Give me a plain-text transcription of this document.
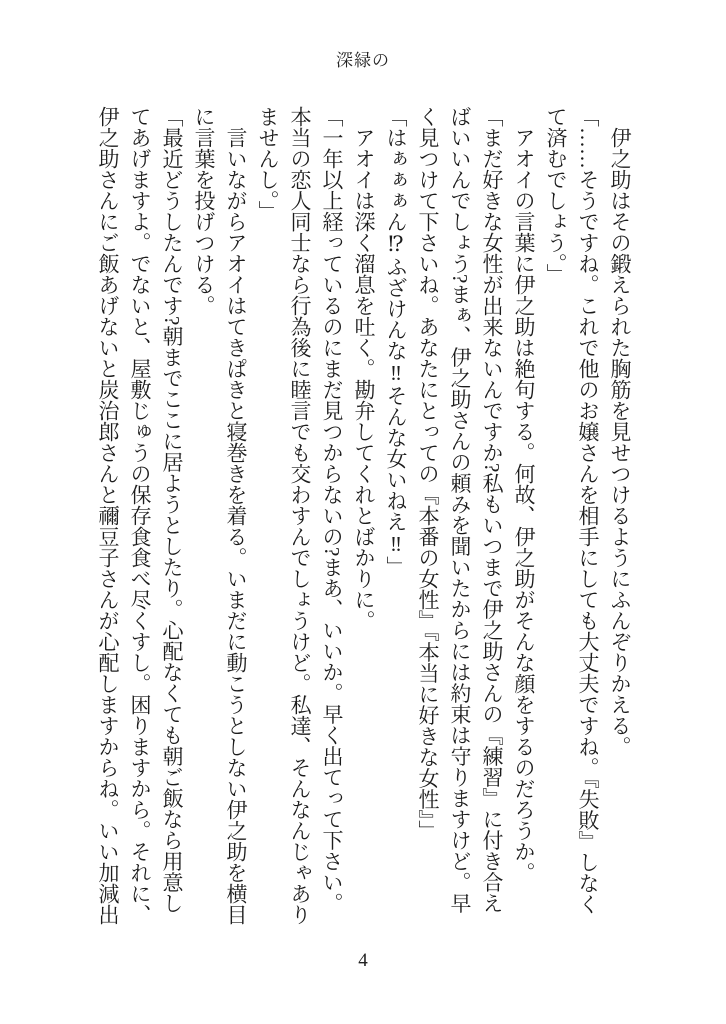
深緑の

伊之助はその鍛えられた胸筋を見せつけるようにふんぞりかえる。

「……そうですね。これで他のお嬢さんを相手にしても大丈夫ですね。『失敗』しなくて済むでしょう。」

アオイの言葉に伊之助は絶句する。何故、伊之助がそんな顔をするのだろうか。

「まだ好きな女性が出来ないんですか?私もいつまで伊之助さんの『練習』に付き合えばいいんでしょう?まぁ、伊之助さんの頼みを聞いたからには約束は守りますけど。早く見つけて下さいね。あなたにとっての『本番の女性』『本当に好きな女性』」

「はぁぁぁん⁉ふざけんな‼そんな女いねえ‼」

アオイは深く溜息を吐く。勘弁してくれとばかりに。

「一年以上経っているのにまだ見つからないの?まあ、いいか。早く出てって下さい。本当の恋人同士なら行為後に睦言でも交わすんでしょうけど。私達、そんなんじゃありませんし。」

言いながらアオイはてきぱきと寝巻きを着る。いまだに動こうとしない伊之助を横目に言葉を投げつける。

「最近どうしたんです?朝までここに居ようとしたり。心配なくても朝ご飯なら用意してあげますよ。でないと、屋敷じゅうの保存食食べ尽くすし。困りますから。それに、伊之助さんにご飯あげないと炭治郎さんと禰豆子さんが心配しますからね。いい加減出

4
